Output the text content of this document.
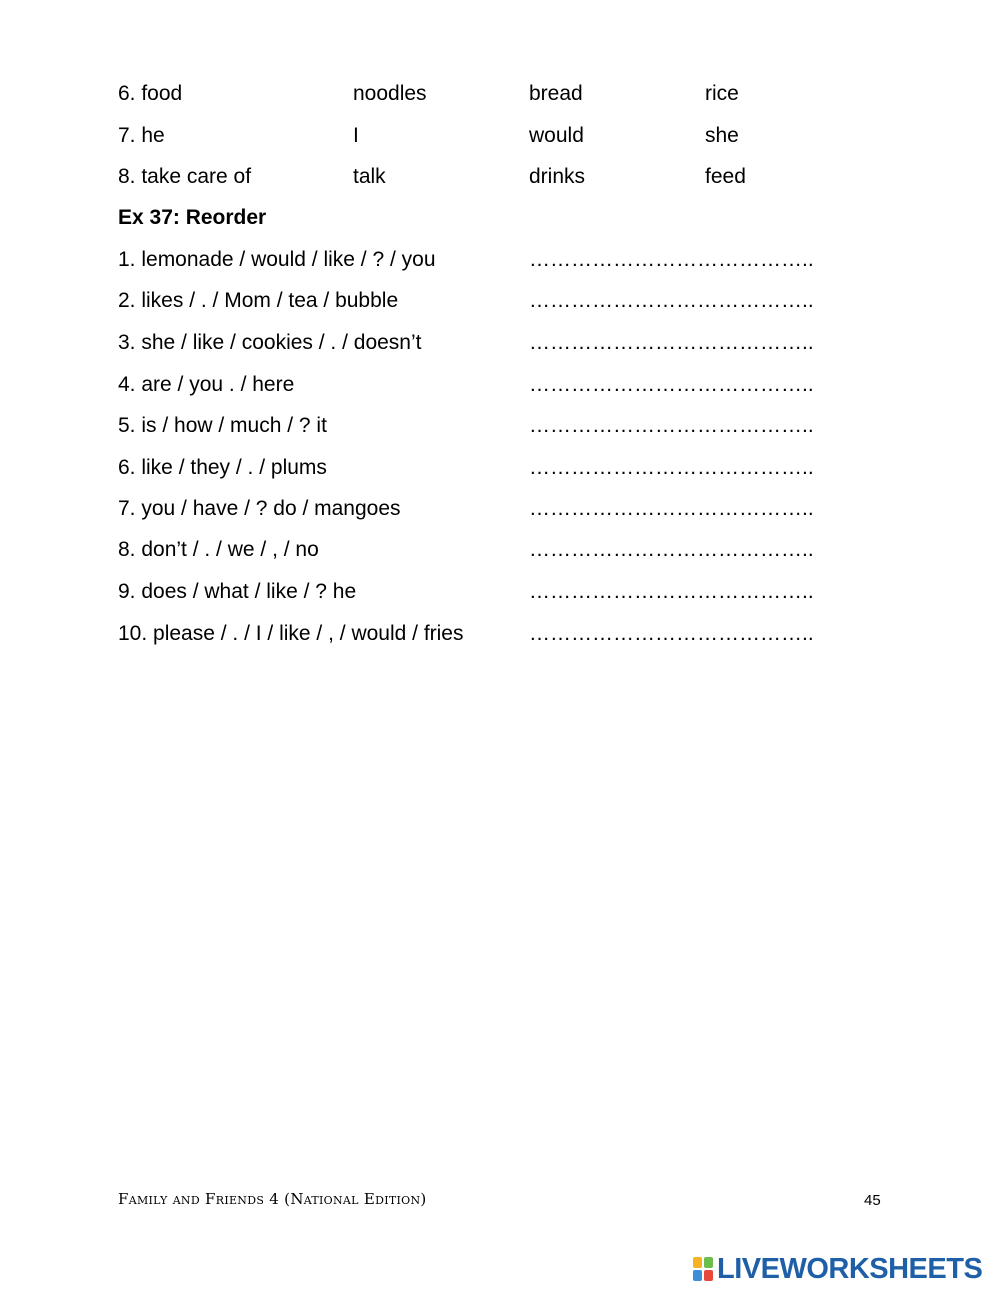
6. food	noodles	bread	rice
7. he	I	would	she
8. take care of	talk	drinks	feed
Ex 37: Reorder
1. lemonade / would / like / ? / you	…………………………………..
2. likes / . / Mom / tea / bubble	…………………………………..
3. she / like / cookies / . / doesn’t	…………………………………..
4. are / you . / here	…………………………………..
5. is / how / much / ? it	…………………………………..
6. like / they / . / plums	…………………………………..
7. you / have / ? do / mangoes	…………………………………..
8. don’t / . / we / , / no	…………………………………..
9. does / what / like / ? he	…………………………………..
10. please / . / I / like / , / would / fries	…………………………………..
Family and Friends 4 (National Edition)	45
LIVEWORKSHEETS
